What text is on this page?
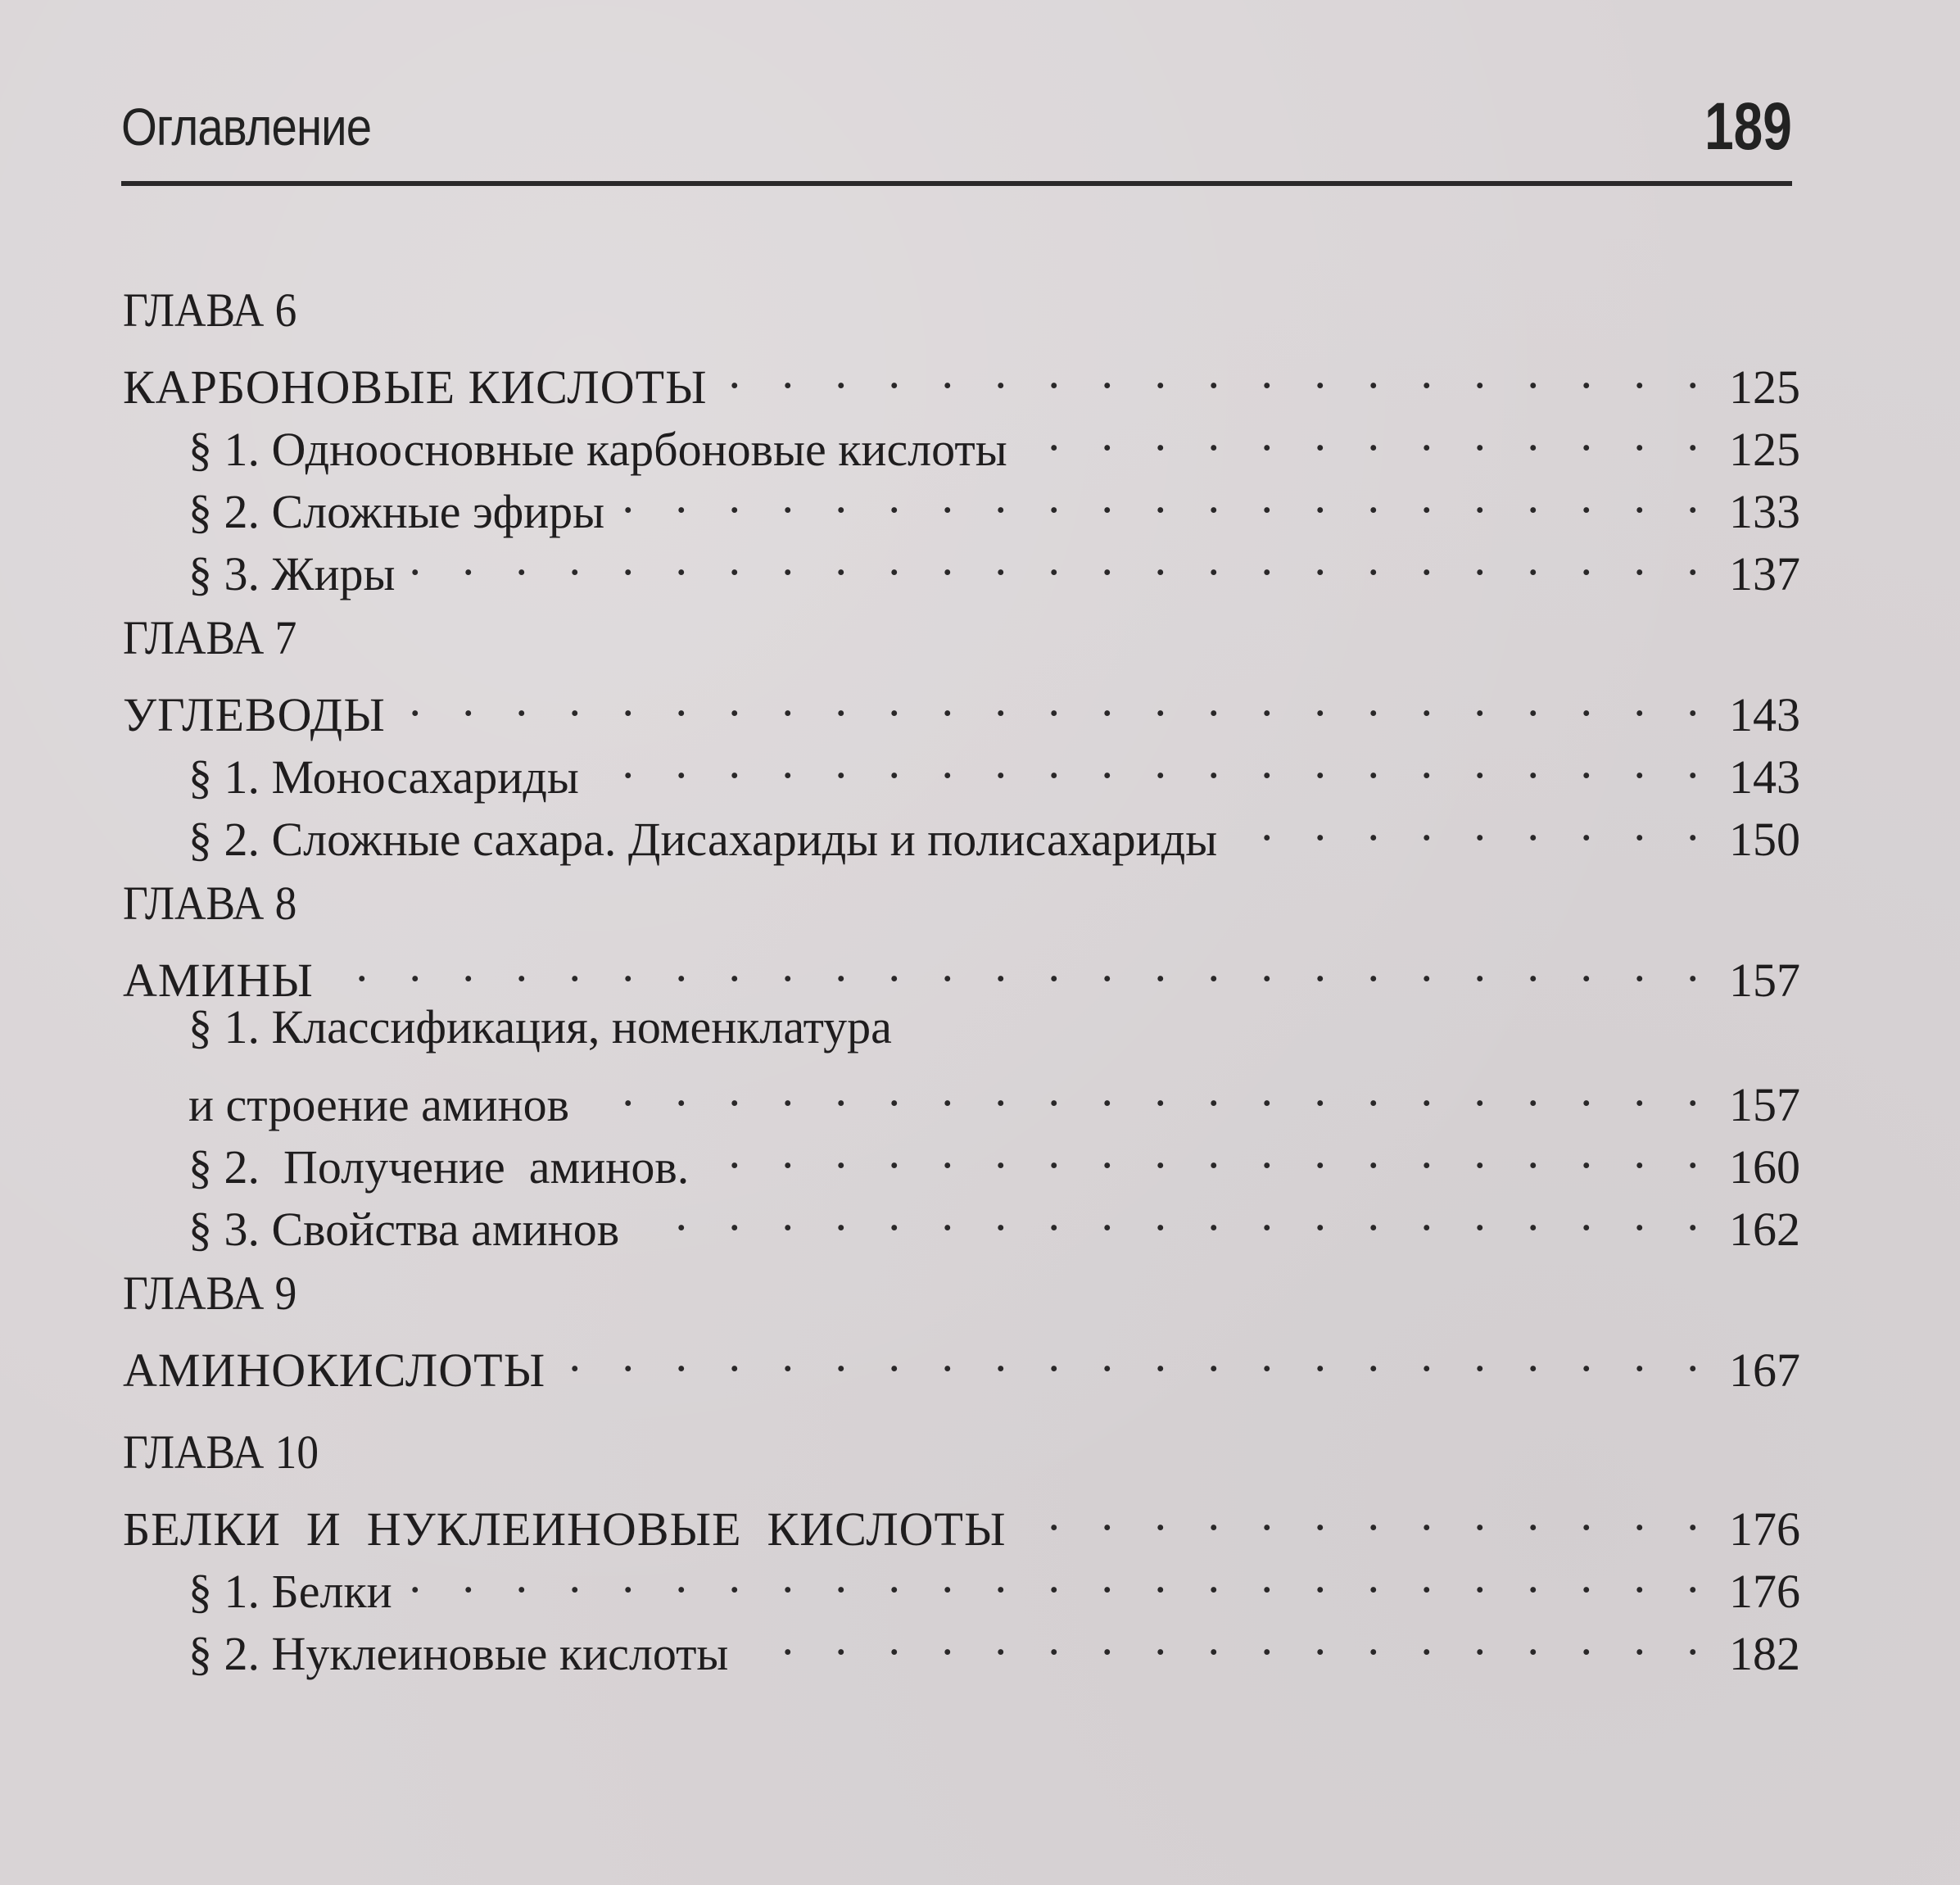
Оглавление	189
ГЛАВА 6
КАРБОНОВЫЕ КИСЛОТЫ . . .	125
§ 1. Одноосновные карбоновые кислоты . . .	125
§ 2. Сложные эфиры . . .	133
§ 3. Жиры . . .	137
ГЛАВА 7
УГЛЕВОДЫ . . .	143
§ 1. Моносахариды . . .	143
§ 2. Сложные сахара. Дисахариды и полисахариды . . .	150
ГЛАВА 8
АМИНЫ . . .	157
§ 1. Классификация, номенклатура
и строение аминов . . .	157
§ 2.  Получение  аминов. . . .	160
§ 3. Свойства аминов . . .	162
ГЛАВА 9
АМИНОКИСЛОТЫ . . .	167
ГЛАВА 10
БЕЛКИ  И  НУКЛЕИНОВЫЕ  КИСЛОТЫ . . .	176
§ 1. Белки . . .	176
§ 2. Нуклеиновые кислоты . . .	182
